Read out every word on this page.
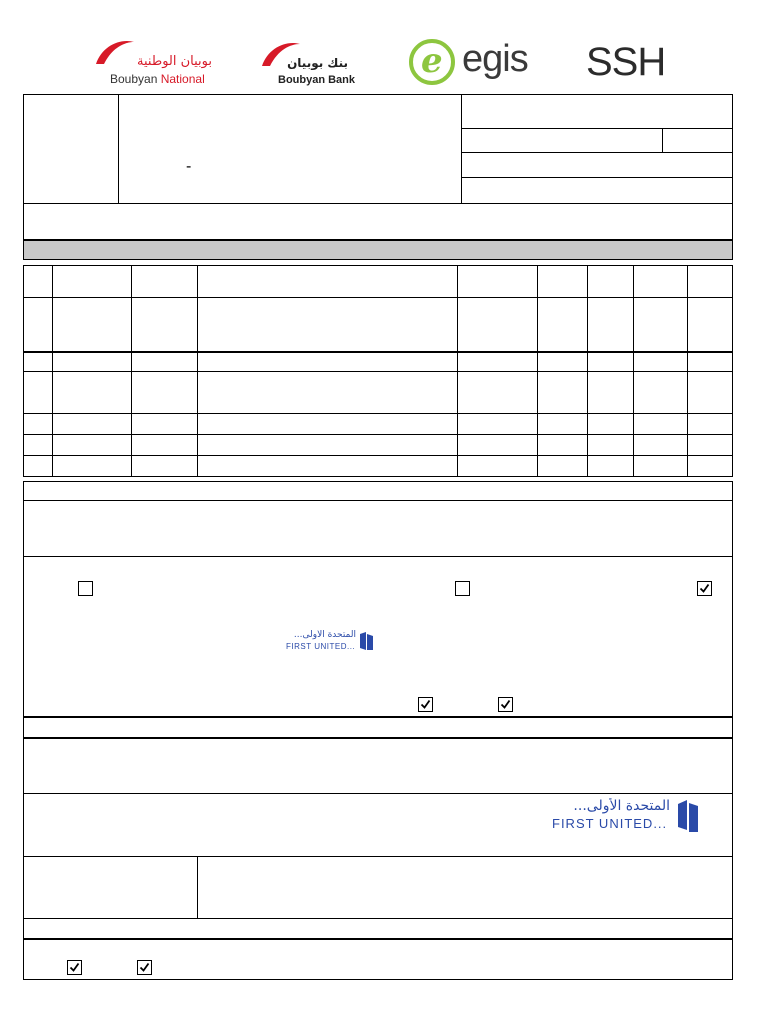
بوبيان الوطنية
Boubyan National
بنك بوبيان
Boubyan Bank	e egis SSH
-
المتحدة الأولى...
FIRST UNITED...
المتحدة الأولى...
FIRST UNITED...
